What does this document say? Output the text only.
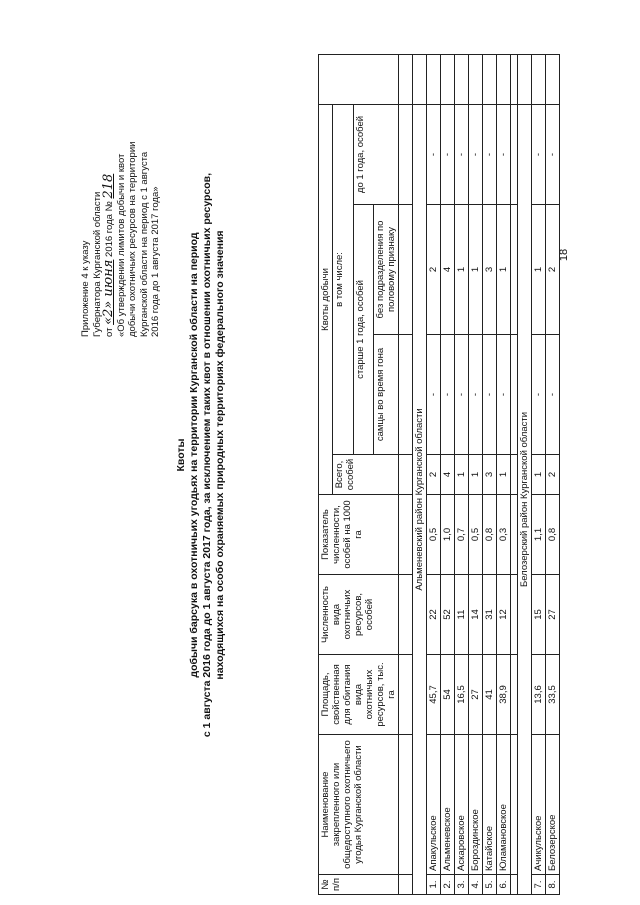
18
Приложение 4 к указу Губернатора Курганской области от «2» июня 2016 года № 218 «Об утверждении лимитов добычи и квот добычи охотничьих ресурсов на территории Курганской области на период с 1 августа 2016 года до 1 августа 2017 года»
Квоты добычи барсука в охотничьих угодьях на территории Курганской области на период с 1 августа 2016 года до 1 августа 2017 года, за исключением таких квот в отношении охотничьих ресурсов, находящихся на особо охраняемых природных территориях федерального значения
№ п/п	Наименование закрепленного или общедоступного охотничьего угодья Курганской области	Площадь, свойственная для обитания вида охотничьих ресурсов, тыс. га	Численность вида охотничьих ресурсов, особей	Показатель численности, особей на 1000 га	Квоты добычи				
					Всего, особей	в том числе:			
						старше 1 года, особей		до 1 года, особей	
						самцы во время гона	без подразделения по половому признаку		

Альменевский район Курганской области									
1.	Апакульское	45,7	22	0,5	2	-	2	-	
2.	Альменевское	54	52	1,0	4	-	4	-	
3.	Аскаровское	16,5	11	0,7	1	-	1	-	
4.	Бороздинское	27	14	0,5	1	-	1	-	
5.	Катайское	41	31	0,8	3	-	3	-	
6.	Юламановское	38,9	12	0,3	1	-	1	-	

Белозерский район Курганской области									
7.	Ачикульское	13,6	15	1,1	1	-	1	-	
8.	Белозерское	33,5	27	0,8	2	-	2	-	
